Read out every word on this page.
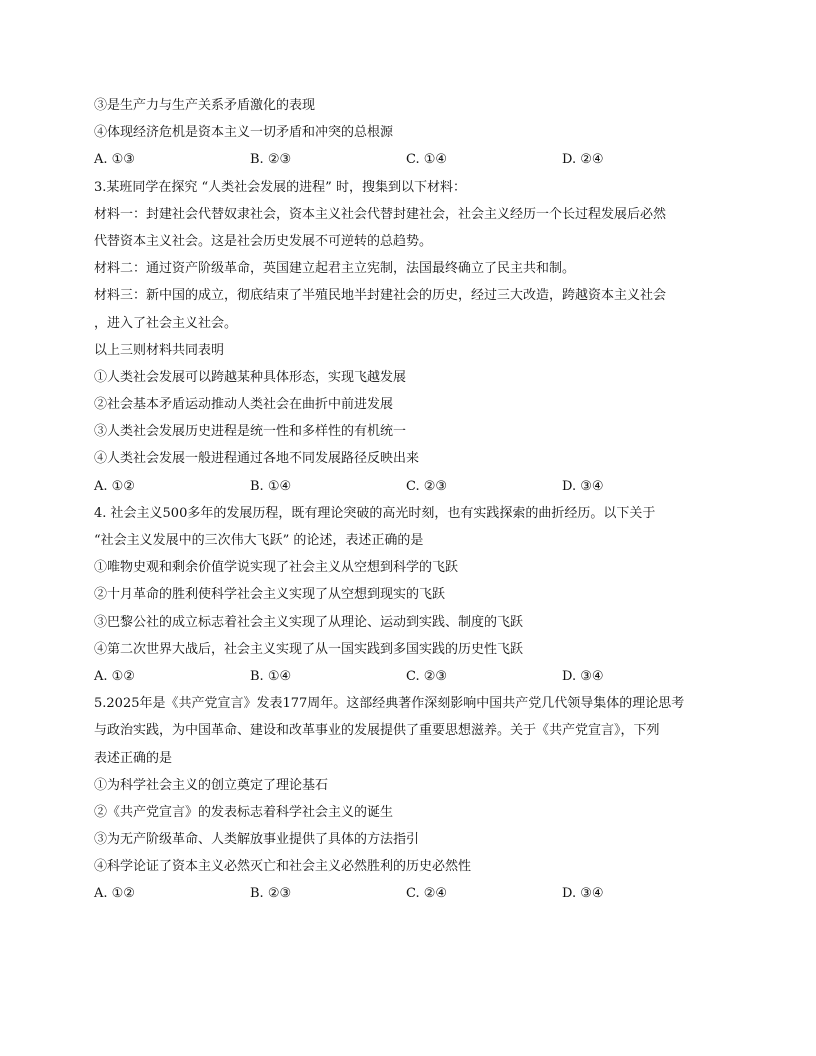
③是生产力与生产关系矛盾激化的表现
④体现经济危机是资本主义一切矛盾和冲突的总根源
A. ①③	B. ②③	C. ①④	D. ②④
3.某班同学在探究 “人类社会发展的进程” 时，搜集到以下材料：
材料一：封建社会代替奴隶社会，资本主义社会代替封建社会，社会主义经历一个长过程发展后必然
代替资本主义社会。这是社会历史发展不可逆转的总趋势。
材料二：通过资产阶级革命，英国建立起君主立宪制，法国最终确立了民主共和制。
材料三：新中国的成立，彻底结束了半殖民地半封建社会的历史，经过三大改造，跨越资本主义社会
，进入了社会主义社会。
以上三则材料共同表明
①人类社会发展可以跨越某种具体形态，实现飞越发展
②社会基本矛盾运动推动人类社会在曲折中前进发展
③人类社会发展历史进程是统一性和多样性的有机统一
④人类社会发展一般进程通过各地不同发展路径反映出来
A. ①②	B. ①④	C. ②③	D. ③④
4. 社会主义500多年的发展历程，既有理论突破的高光时刻，也有实践探索的曲折经历。以下关于
“社会主义发展中的三次伟大飞跃” 的论述，表述正确的是
①唯物史观和剩余价值学说实现了社会主义从空想到科学的飞跃
②十月革命的胜利使科学社会主义实现了从空想到现实的飞跃
③巴黎公社的成立标志着社会主义实现了从理论、运动到实践、制度的飞跃
④第二次世界大战后，社会主义实现了从一国实践到多国实践的历史性飞跃
A. ①②	B. ①④	C. ②③	D. ③④
5.2025年是《共产党宣言》发表177周年。这部经典著作深刻影响中国共产党几代领导集体的理论思考
与政治实践，为中国革命、建设和改革事业的发展提供了重要思想滋养。关于《共产党宣言》，下列
表述正确的是
①为科学社会主义的创立奠定了理论基石
②《共产党宣言》的发表标志着科学社会主义的诞生
③为无产阶级革命、人类解放事业提供了具体的方法指引
④科学论证了资本主义必然灭亡和社会主义必然胜利的历史必然性
A. ①②	B. ②③	C. ②④	D. ③④
